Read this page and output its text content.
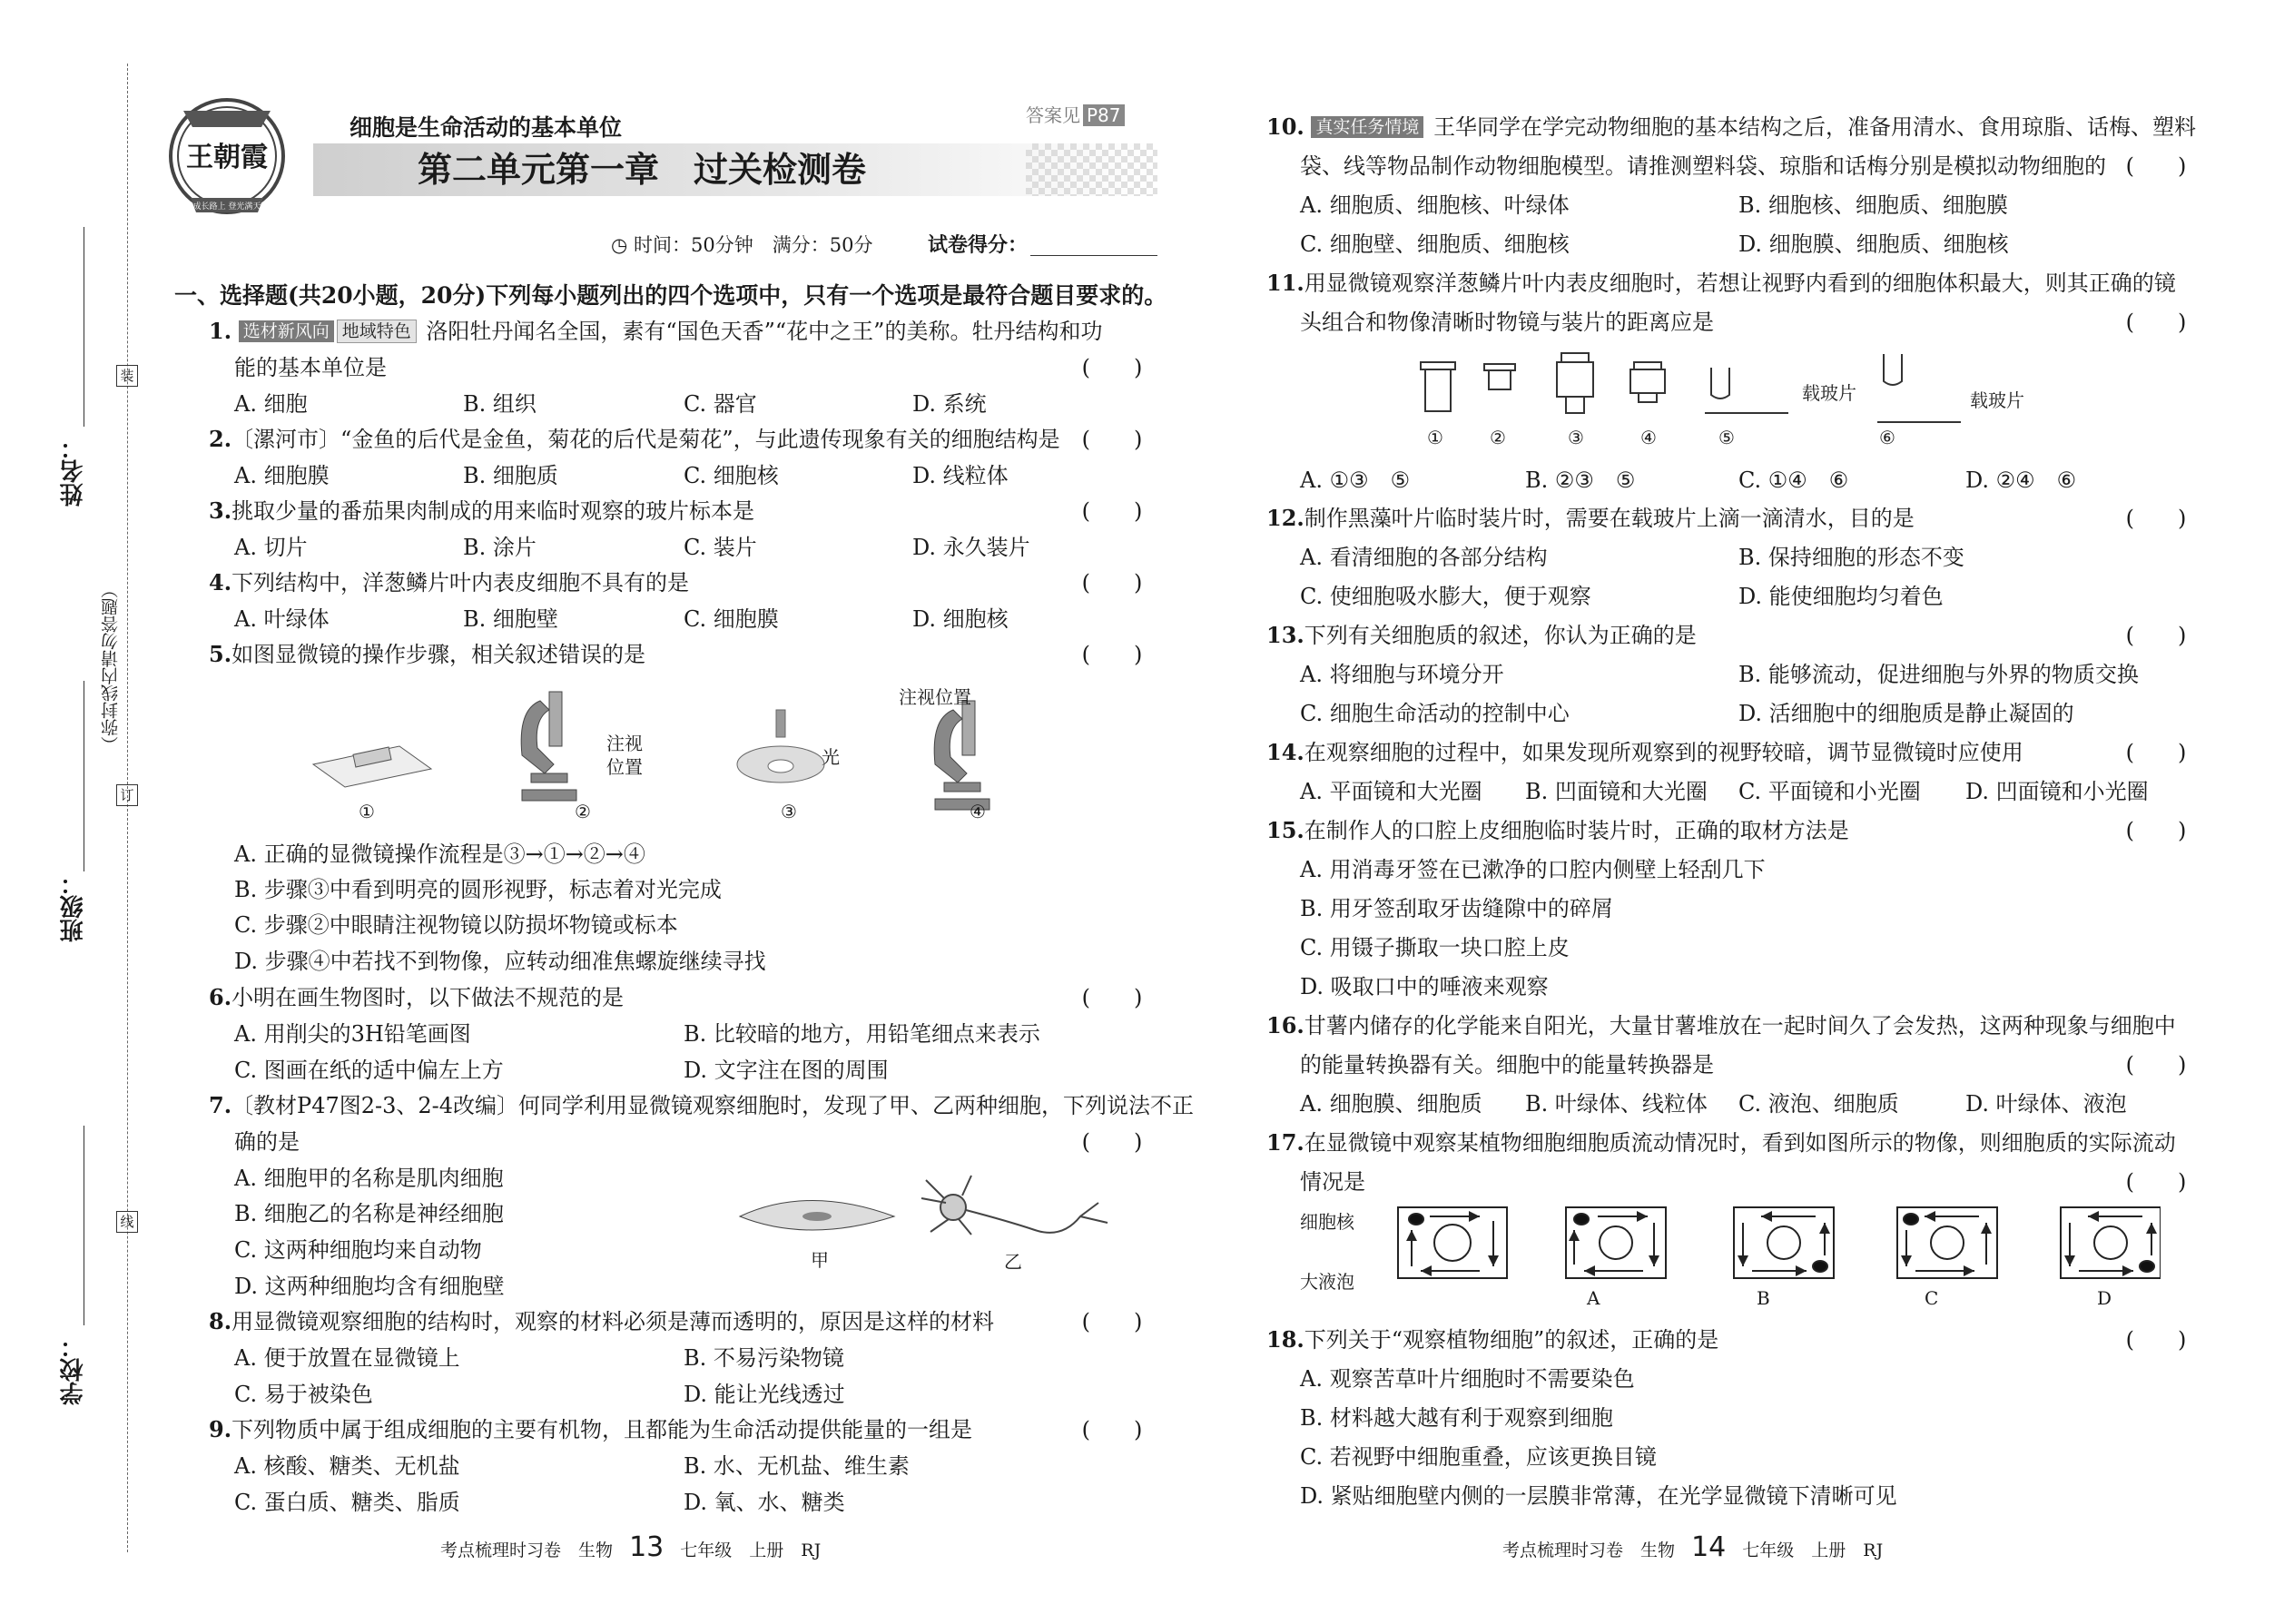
姓名：
班级：
学校：
（弥封线内请勿答题）
装
订
线
王朝霞
成长路上 登光满天
细胞是生命活动的基本单位	答案见 P87
第二单元第一章　过关检测卷
◷ 时间：50分钟　满分：50分	试卷得分：
一、选择题(共20小题，20分)下列每小题列出的四个选项中，只有一个选项是最符合题目要求的。
1. 选材新风向 地域特色 洛阳牡丹闻名全国，素有“国色天香”“花中之王”的美称。牡丹结构和功
能的基本单位是	(　　)
A. 细胞	B. 组织	C. 器官	D. 系统
2.〔漯河市〕“金鱼的后代是金鱼，菊花的后代是菊花”，与此遗传现象有关的细胞结构是	(　　)
A. 细胞膜	B. 细胞质	C. 细胞核	D. 线粒体
3.挑取少量的番茄果肉制成的用来临时观察的玻片标本是	(　　)
A. 切片	B. 涂片	C. 装片	D. 永久装片
4.下列结构中，洋葱鳞片叶内表皮细胞不具有的是	(　　)
A. 叶绿体	B. 细胞壁	C. 细胞膜	D. 细胞核
5.如图显微镜的操作步骤，相关叙述错误的是	(　　)
注视位置	光
注视位置
①	②	③	④
A. 正确的显微镜操作流程是③→①→②→④
B. 步骤③中看到明亮的圆形视野，标志着对光完成
C. 步骤②中眼睛注视物镜以防损坏物镜或标本
D. 步骤④中若找不到物像，应转动细准焦螺旋继续寻找
6.小明在画生物图时，以下做法不规范的是	(　　)
A. 用削尖的3H铅笔画图	B. 比较暗的地方，用铅笔细点来表示
C. 图画在纸的适中偏左上方	D. 文字注在图的周围
7.〔教材P47图2-3、2-4改编〕何同学利用显微镜观察细胞时，发现了甲、乙两种细胞，下列说法不正
确的是	(　　)
A. 细胞甲的名称是肌肉细胞
B. 细胞乙的名称是神经细胞
C. 这两种细胞均来自动物
D. 这两种细胞均含有细胞壁
甲	乙
8.用显微镜观察细胞的结构时，观察的材料必须是薄而透明的，原因是这样的材料	(　　)
A. 便于放置在显微镜上	B. 不易污染物镜
C. 易于被染色	D. 能让光线透过
9.下列物质中属于组成细胞的主要有机物，且都能为生命活动提供能量的一组是	(　　)
A. 核酸、糖类、无机盐	B. 水、无机盐、维生素
C. 蛋白质、糖类、脂质	D. 氧、水、糖类
考点梳理时习卷　生物 13 七年级　上册　RJ
10. 真实任务情境 王华同学在学完动物细胞的基本结构之后，准备用清水、食用琼脂、话梅、塑料
袋、线等物品制作动物细胞模型。请推测塑料袋、琼脂和话梅分别是模拟动物细胞的 (　　)
A. 细胞质、细胞核、叶绿体	B. 细胞核、细胞质、细胞膜
C. 细胞壁、细胞质、细胞核	D. 细胞膜、细胞质、细胞核
11.用显微镜观察洋葱鳞片叶内表皮细胞时，若想让视野内看到的细胞体积最大，则其正确的镜
头组合和物像清晰时物镜与装片的距离应是	(　　)
载玻片	载玻片
①	②	③	④	⑤	⑥
A. ①③　⑤	B. ②③　⑤	C. ①④　⑥	D. ②④　⑥
12.制作黑藻叶片临时装片时，需要在载玻片上滴一滴清水，目的是	(　　)
A. 看清细胞的各部分结构	B. 保持细胞的形态不变
C. 使细胞吸水膨大，便于观察	D. 能使细胞均匀着色
13.下列有关细胞质的叙述，你认为正确的是	(　　)
A. 将细胞与环境分开	B. 能够流动，促进细胞与外界的物质交换
C. 细胞生命活动的控制中心	D. 活细胞中的细胞质是静止凝固的
14.在观察细胞的过程中，如果发现所观察到的视野较暗，调节显微镜时应使用	(　　)
A. 平面镜和大光圈 B. 凹面镜和大光圈 C. 平面镜和小光圈 D. 凹面镜和小光圈
15.在制作人的口腔上皮细胞临时装片时，正确的取材方法是	(　　)
A. 用消毒牙签在已漱净的口腔内侧壁上轻刮几下
B. 用牙签刮取牙齿缝隙中的碎屑
C. 用镊子撕取一块口腔上皮
D. 吸取口中的唾液来观察
16.甘薯内储存的化学能来自阳光，大量甘薯堆放在一起时间久了会发热，这两种现象与细胞中
的能量转换器有关。细胞中的能量转换器是	(　　)
A. 细胞膜、细胞质 B. 叶绿体、线粒体 C. 液泡、细胞质	D. 叶绿体、液泡
17.在显微镜中观察某植物细胞细胞质流动情况时，看到如图所示的物像，则细胞质的实际流动
情况是	(　　)
细胞核
大液泡
A	B	C	D
18.下列关于“观察植物细胞”的叙述，正确的是	(　　)
A. 观察苦草叶片细胞时不需要染色
B. 材料越大越有利于观察到细胞
C. 若视野中细胞重叠，应该更换目镜
D. 紧贴细胞壁内侧的一层膜非常薄，在光学显微镜下清晰可见
考点梳理时习卷　生物 14 七年级　上册　RJ
